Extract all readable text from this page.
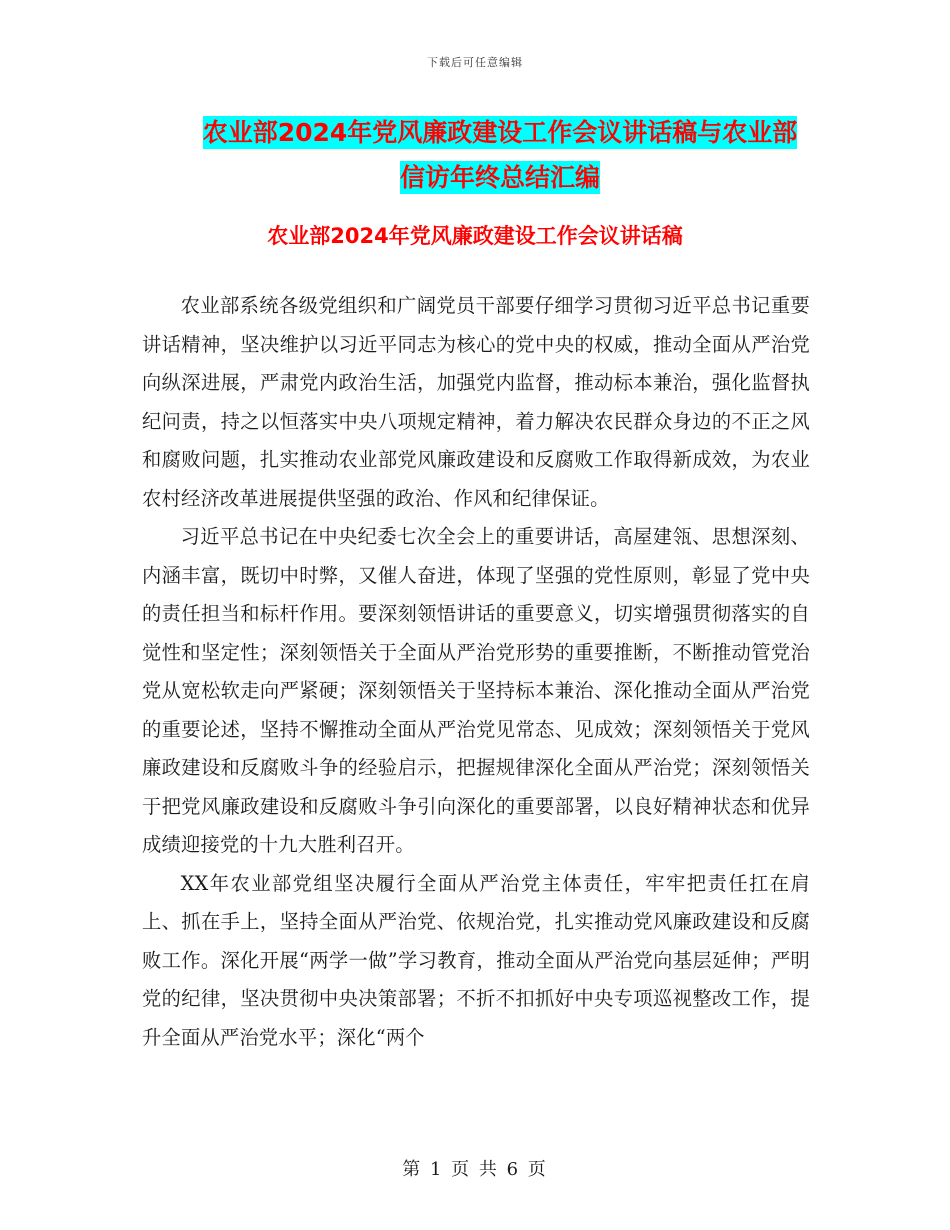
下载后可任意编辑
农业部2024年党风廉政建设工作会议讲话稿与农业部
信访年终总结汇编
农业部2024年党风廉政建设工作会议讲话稿

农业部系统各级党组织和广阔党员干部要仔细学习贯彻习近平总书记重要讲话精神，坚决维护以习近平同志为核心的党中央的权威，推动全面从严治党向纵深进展，严肃党内政治生活，加强党内监督，推动标本兼治，强化监督执纪问责，持之以恒落实中央八项规定精神，着力解决农民群众身边的不正之风和腐败问题，扎实推动农业部党风廉政建设和反腐败工作取得新成效，为农业农村经济改革进展提供坚强的政治、作风和纪律保证。

习近平总书记在中央纪委七次全会上的重要讲话，高屋建瓴、思想深刻、内涵丰富，既切中时弊，又催人奋进，体现了坚强的党性原则，彰显了党中央的责任担当和标杆作用。要深刻领悟讲话的重要意义，切实增强贯彻落实的自觉性和坚定性；深刻领悟关于全面从严治党形势的重要推断，不断推动管党治党从宽松软走向严紧硬；深刻领悟关于坚持标本兼治、深化推动全面从严治党的重要论述，坚持不懈推动全面从严治党见常态、见成效；深刻领悟关于党风廉政建设和反腐败斗争的经验启示，把握规律深化全面从严治党；深刻领悟关于把党风廉政建设和反腐败斗争引向深化的重要部署，以良好精神状态和优异成绩迎接党的十九大胜利召开。

XX年农业部党组坚决履行全面从严治党主体责任，牢牢把责任扛在肩上、抓在手上，坚持全面从严治党、依规治党，扎实推动党风廉政建设和反腐败工作。深化开展“两学一做”学习教育，推动全面从严治党向基层延伸；严明党的纪律，坚决贯彻中央决策部署；不折不扣抓好中央专项巡视整改工作，提升全面从严治党水平；深化“两个

第 1 页 共 6 页
